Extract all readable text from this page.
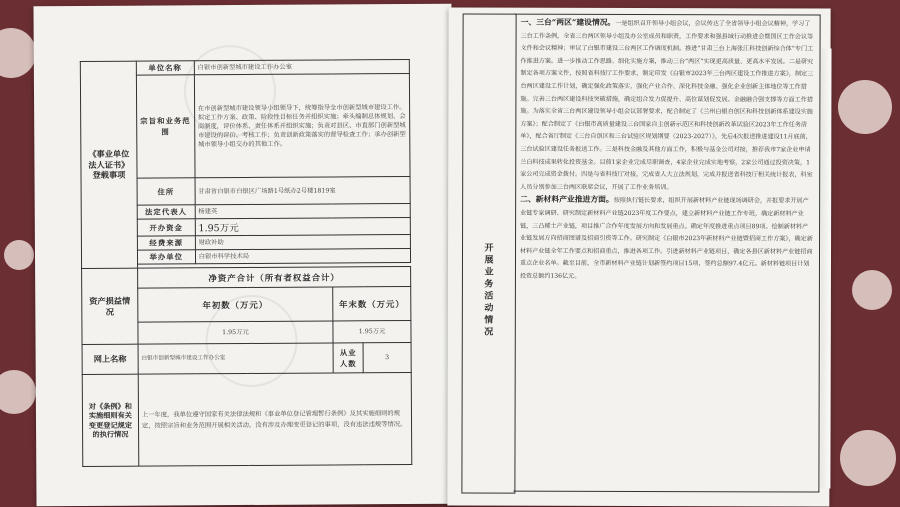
《事业单位法人证书》登载事项	单位名称	白银市创新型城市建设工作办公室		
	宗旨和业务范围	在市创新型城市建设领导小组领导下，统筹指导全市创新型城市建设工作。拟定工作方案、政策、阶段性目标任务并组织实施；牵头编制总体规划、会商制度，评价体系、责任体系并组织实施；负责对县区、市直部门创新型城市建设的评价、考核工作；负责创新政策落实的督导检查工作；承办创新型城市领导小组交办的其他工作。		
	住所	甘肃省白银市白银区广场路1号纸办2号楼1819室		
	法定代表人	杨建英		
	开办资金	1.95万元		
	经费来源	财政补助		
	举办单位	白银市科学技术局		

资产损益情况	净资产合计（所有者权益合计）			
	年初数（万元）		年末数（万元）	
	1.95万元		1.95万元	
网上名称	白银市创新型城市建设工作办公室		从业人数	3
对《条例》和实施细则有关变更登记规定的执行情况	上一年度，我单位遵守国家有关法律法规和《事业单位登记管理暂行条例》及其实施细则的规定，按照宗旨和业务范围开展相关活动，没有涉及办理变更登记的事项，没有违法违规等情况。			
开展业务活动情况
一、三台“两区”建设情况。一是组织召开领导小组会议，会议传达了全省领导小组会议精神，学习了三台工作条例，全省三台两区领导小组及办公室成员和职责，工作要求和强县域行动推进会暨国区工作会议等文件和会议精神；审议了白银市建设三台两区工作调度机制。推进“甘肃三台上海张江科技创新综合体”专门工作推进方案。进一步推动工作思路、细化实施方案，推动三台“两区”实现更高质量、更高水平发展。二是研究制定各项方案文件，按照省科技厅工作要求，制定印发《白银市2023年三台两区建设工作推进方案》，制定三台两区建设工作计划，确定强化政策落实、强化产业合作、深化科技金融、强化企业创新主体地位等工作措施。完善三台两区建设科技突破措施，确定组合发力促提升、高位谋划促发展。金融融合强支撑等方面工作措施。为落实全省三台两区建设领导小组会议部署要求，配合制定了《兰州白银自创区和科技创新体系建设实施方案》；配合制定了《白银市高质量建设三台国家自主创新示范区和科技创新改革试验区2023年工作任务清单》，配合省厅制定《三台自创区和三台试验区规划纲要（2023-2027）》，先后4次报送推进建设11月底前，三台试验区建设任务报送工作。三是科技金融及其他方面工作，积极与基金公司对接，推荐我市7家企业申请兰白科技成果转化投资基金。目前1家企业完成尽职调查，4家企业完成实地考察，2家公司通过投资决策，1家公司完成资金拨付。四是与省科技厅对接，完成省人大立法规划，完成并报送省科技厅相关统计报表，科室人员分别参加三台两区联席会议，开展了工作业务培训。
二、新材料产业推进方面。按照执行链长要求，组织开展新材料产业链现场调研会，并报要求开展产业链专家调研、研究制定新材料产业链2023年度工作要点，建立新材料产业链工作专班，确定新材料产业链，三凸稀土产业链，项目推广合作年度发展方向和发展重点。确定年度推进重点项目89项。绘制新材料产业链发展方向招商图谱及招商引资等工作。研究制定《白银市2023年新材料产业链暨招商工作方案》，确定新材料产业链全年工作要点和招商重点，推进各项工作。引进新材料产业链项目，确定各县区新材料产业链招商重点企业名单。截至目前，全市新材料产业链计划新签约项目15项，签约总额97.4亿元。新材料链项目计划投资总额约136亿元。
